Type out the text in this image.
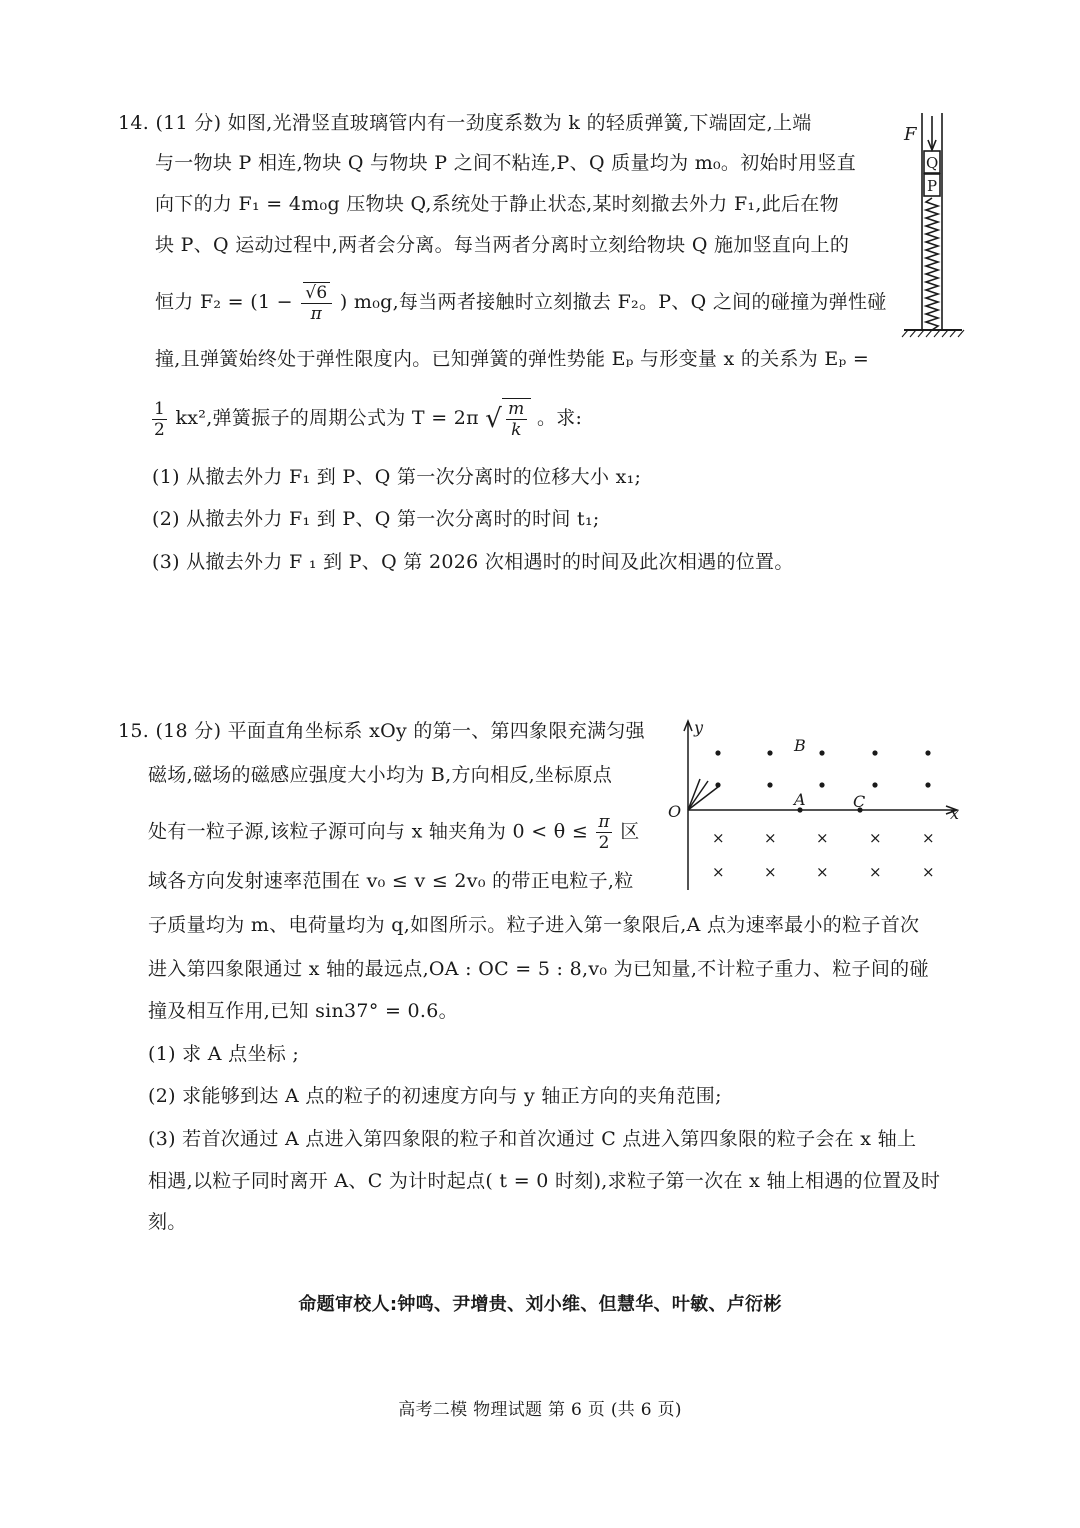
14. (11 分) 如图,光滑竖直玻璃管内有一劲度系数为 k 的轻质弹簧,下端固定,上端
与一物块 P 相连,物块 Q 与物块 P 之间不粘连,P、Q 质量均为 m₀。初始时用竖直
向下的力 F₁ = 4m₀g 压物块 Q,系统处于静止状态,某时刻撤去外力 F₁,此后在物
块 P、Q 运动过程中,两者会分离。每当两者分离时立刻给物块 Q 施加竖直向上的
恒力 $F_2 = (1 - \frac{√6}{\pi}$ ) m₀g,每当两者接触时立刻撤去 F₂。P、Q 之间的碰撞为弹性碰
撞,且弹簧始终处于弹性限度内。已知弹簧的弹性势能 Eₚ 与形变量 x 的关系为 Eₚ =
$\frac{1}{2} kx^2$,弹簧振子的周期公式为 T = 2π √ $\frac{m}{k}$ 。求:
(1) 从撤去外力 F₁ 到 P、Q 第一次分离时的位移大小 x₁;
(2) 从撤去外力 F₁ 到 P、Q 第一次分离时的时间 t₁;
(3) 从撤去外力 F ₁ 到 P、Q 第 2026 次相遇时的时间及此次相遇的位置。
F
Q
P
15. (18 分) 平面直角坐标系 xOy 的第一、第四象限充满匀强
磁场,磁场的磁感应强度大小均为 B,方向相反,坐标原点
处有一粒子源,该粒子源可向与 x 轴夹角为 $0 < \theta \le \frac{\pi}{2}$ 区
域各方向发射速率范围在 v₀ ≤ v ≤ 2v₀ 的带正电粒子,粒
子质量均为 m、电荷量均为 q,如图所示。粒子进入第一象限后,A 点为速率最小的粒子首次
进入第四象限通过 x 轴的最远点,OA : OC = 5 : 8,v₀ 为已知量,不计粒子重力、粒子间的碰
撞及相互作用,已知 sin37° = 0.6。
(1) 求 A 点坐标 ;
(2) 求能够到达 A 点的粒子的初速度方向与 y 轴正方向的夹角范围;
(3) 若首次通过 A 点进入第四象限的粒子和首次通过 C 点进入第四象限的粒子会在 x 轴上
相遇,以粒子同时离开 A、C 为计时起点( t = 0 时刻),求粒子第一次在 x 轴上相遇的位置及时
刻。
×	×	×	×	×
×	×	×	×	×
y
x
O
A
B
C
命题审校人:钟鸣、尹增贵、刘小维、但慧华、叶敏、卢衍彬
高考二模 物理试题 第 6 页 (共 6 页)
